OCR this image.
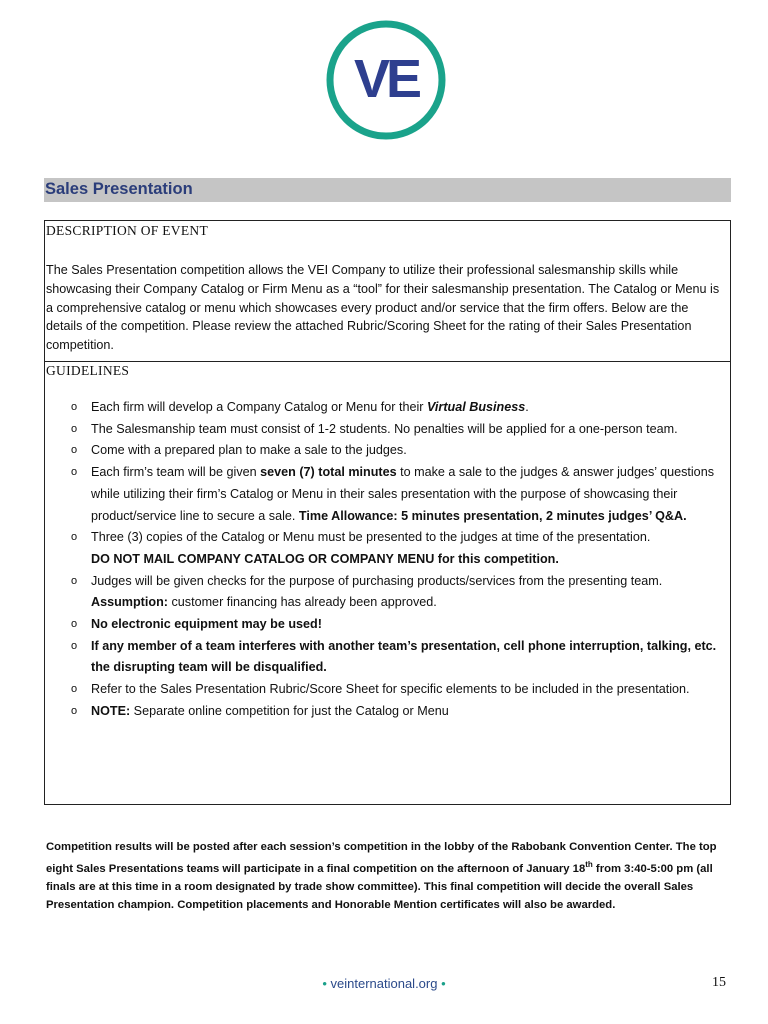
VE
Sales Presentation
DESCRIPTION OF EVENT
The Sales Presentation competition allows the VEI Company to utilize their professional salesmanship skills while showcasing their Company Catalog or Firm Menu as a “tool” for their salesmanship presentation. The Catalog or Menu is a comprehensive catalog or menu which showcases every product and/or service that the firm offers. Below are the details of the competition. Please review the attached Rubric/Scoring Sheet for the rating of their Sales Presentation competition.
GUIDELINES
o Each firm will develop a Company Catalog or Menu for their Virtual Business.
o The Salesmanship team must consist of 1-2 students. No penalties will be applied for a one-person team.
o Come with a prepared plan to make a sale to the judges.
o Each firm’s team will be given seven (7) total minutes to make a sale to the judges & answer judges’ questions while utilizing their firm’s Catalog or Menu in their sales presentation with the purpose of showcasing their product/service line to secure a sale. Time Allowance: 5 minutes presentation, 2 minutes judges’ Q&A.
o Three (3) copies of the Catalog or Menu must be presented to the judges at time of the presentation.
DO NOT MAIL COMPANY CATALOG OR COMPANY MENU for this competition.
o Judges will be given checks for the purpose of purchasing products/services from the presenting team.
Assumption: customer financing has already been approved.
o No electronic equipment may be used!
o If any member of a team interferes with another team’s presentation, cell phone interruption, talking, etc. the disrupting team will be disqualified.
o Refer to the Sales Presentation Rubric/Score Sheet for specific elements to be included in the presentation.
o NOTE: Separate online competition for just the Catalog or Menu
Competition results will be posted after each session’s competition in the lobby of the Rabobank Convention Center. The top eight Sales Presentations teams will participate in a final competition on the afternoon of January 18th from 3:40-5:00 pm (all finals are at this time in a room designated by trade show committee). This final competition will decide the overall Sales Presentation champion. Competition placements and Honorable Mention certificates will also be awarded.
• veinternational.org •	15
